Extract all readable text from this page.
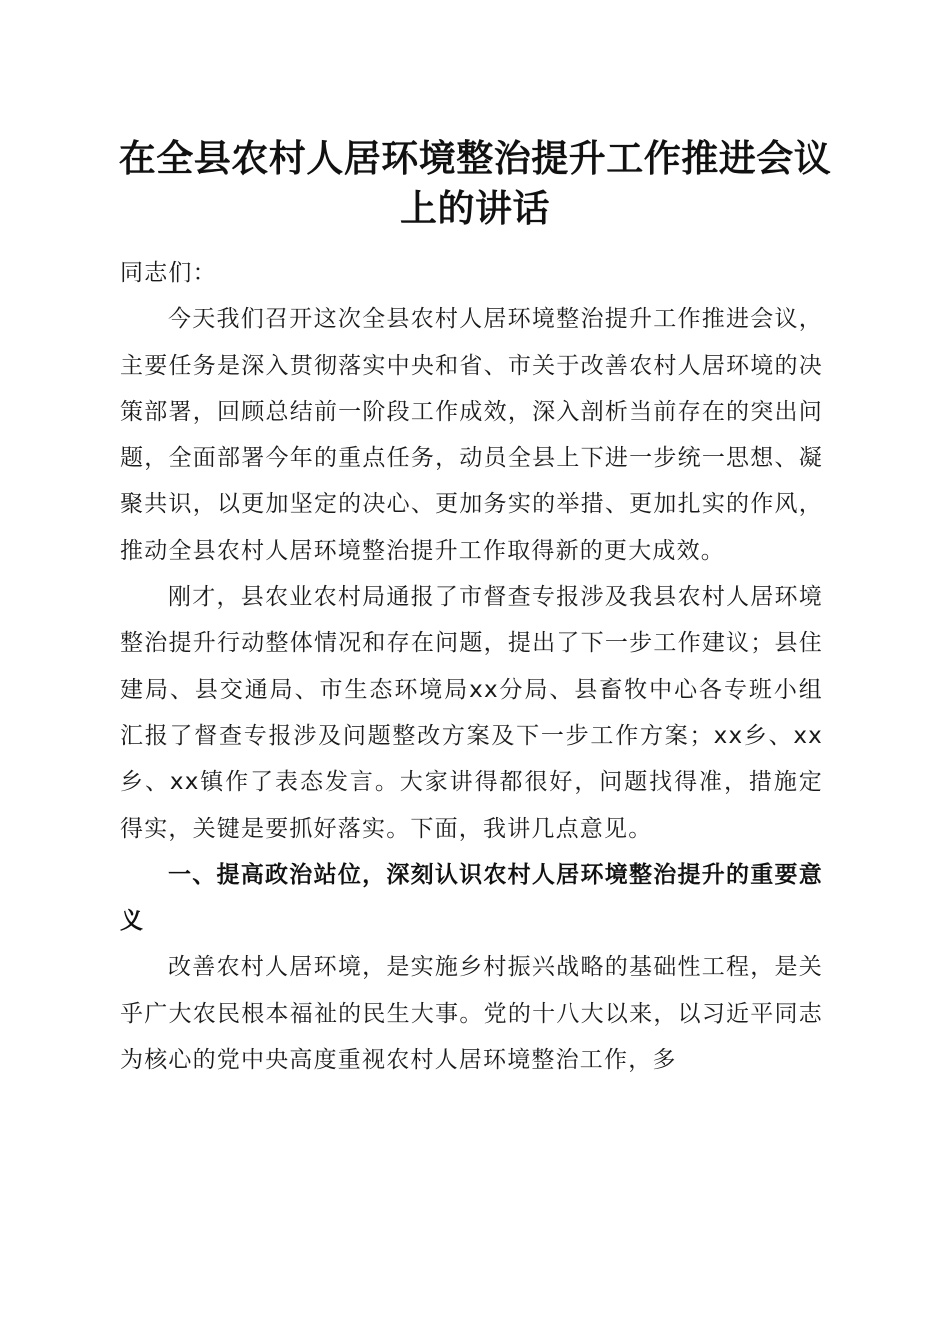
在全县农村人居环境整治提升工作推进会议上的讲话

同志们：

今天我们召开这次全县农村人居环境整治提升工作推进会议，主要任务是深入贯彻落实中央和省、市关于改善农村人居环境的决策部署，回顾总结前一阶段工作成效，深入剖析当前存在的突出问题，全面部署今年的重点任务，动员全县上下进一步统一思想、凝聚共识，以更加坚定的决心、更加务实的举措、更加扎实的作风，推动全县农村人居环境整治提升工作取得新的更大成效。

刚才，县农业农村局通报了市督查专报涉及我县农村人居环境整治提升行动整体情况和存在问题，提出了下一步工作建议；县住建局、县交通局、市生态环境局xx分局、县畜牧中心各专班小组汇报了督查专报涉及问题整改方案及下一步工作方案；xx乡、xx乡、xx镇作了表态发言。大家讲得都很好，问题找得准，措施定得实，关键是要抓好落实。下面，我讲几点意见。

一、提高政治站位，深刻认识农村人居环境整治提升的重要意义

改善农村人居环境，是实施乡村振兴战略的基础性工程，是关乎广大农民根本福祉的民生大事。党的十八大以来，以习近平同志为核心的党中央高度重视农村人居环境整治工作，多
